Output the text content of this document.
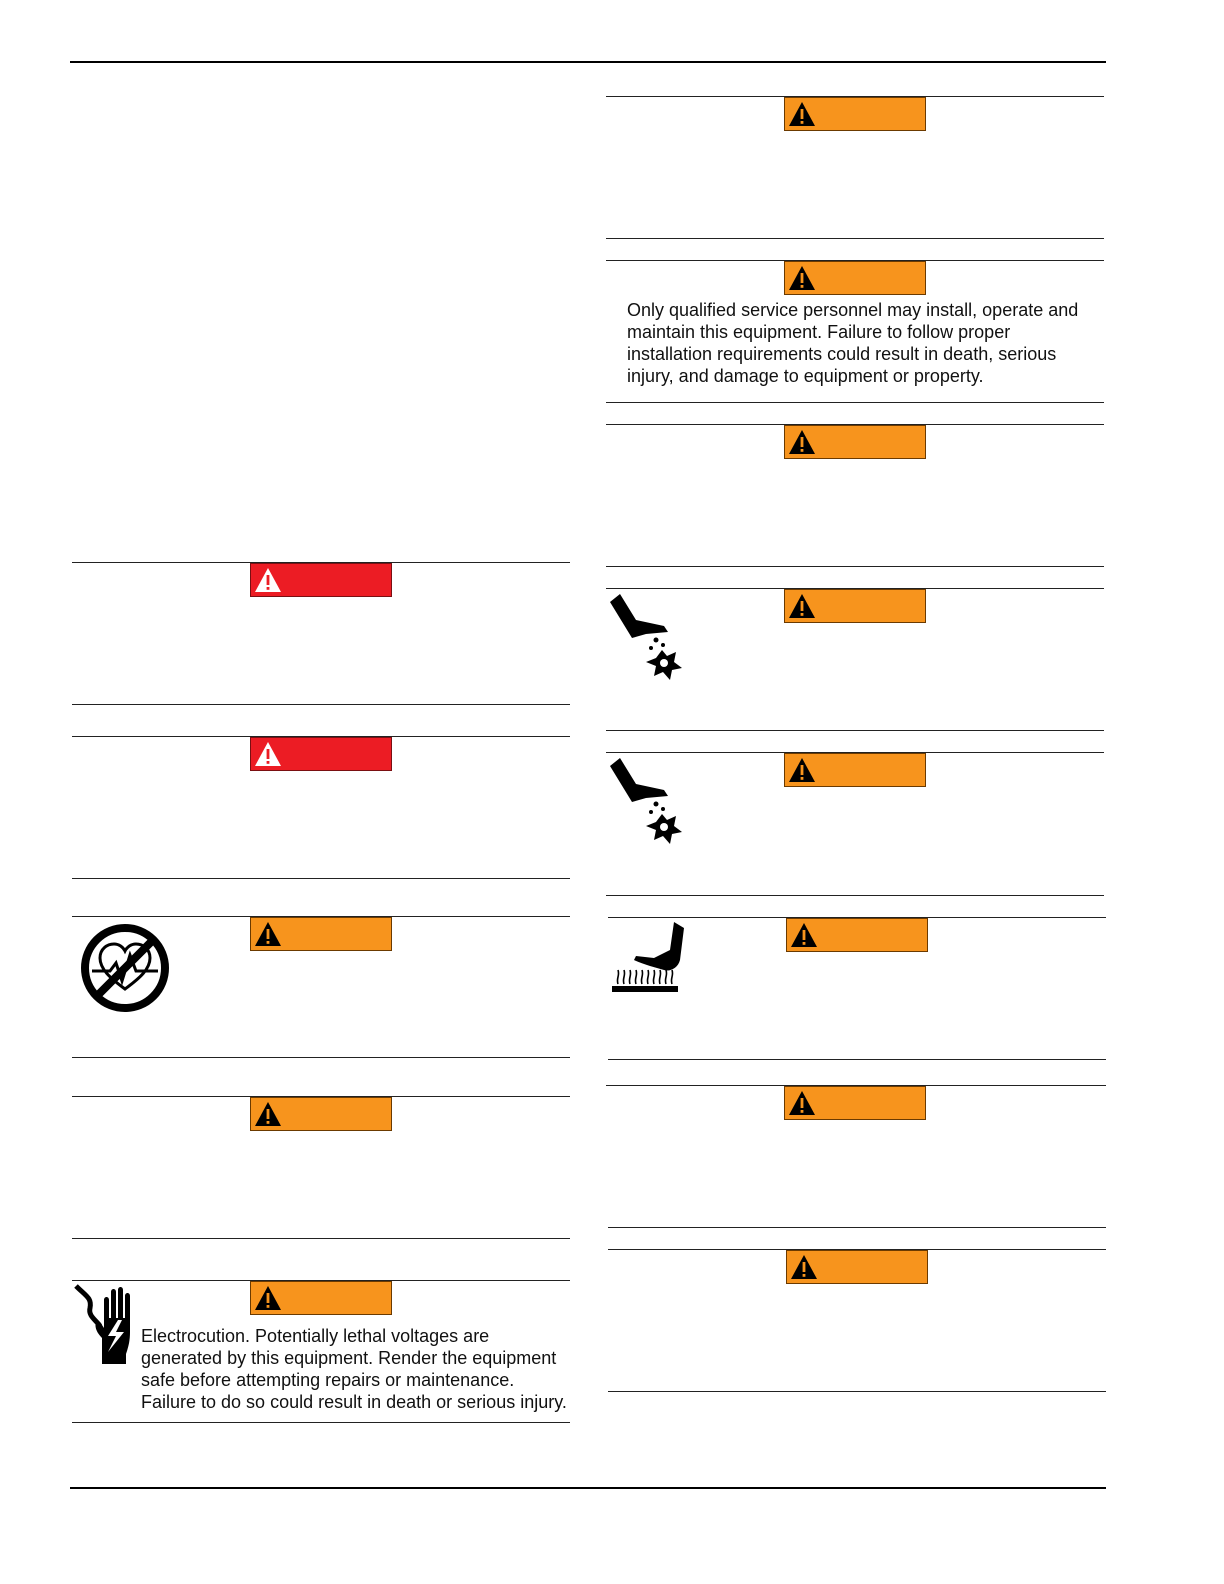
Electrocution. Potentially lethal voltages are generated by this equipment. Render the equipment safe before attempting repairs or maintenance. Failure to do so could result in death or serious injury.
Only qualified service personnel may install, operate and maintain this equipment. Failure to follow proper installation requirements could result in death, serious injury, and damage to equipment or property.
